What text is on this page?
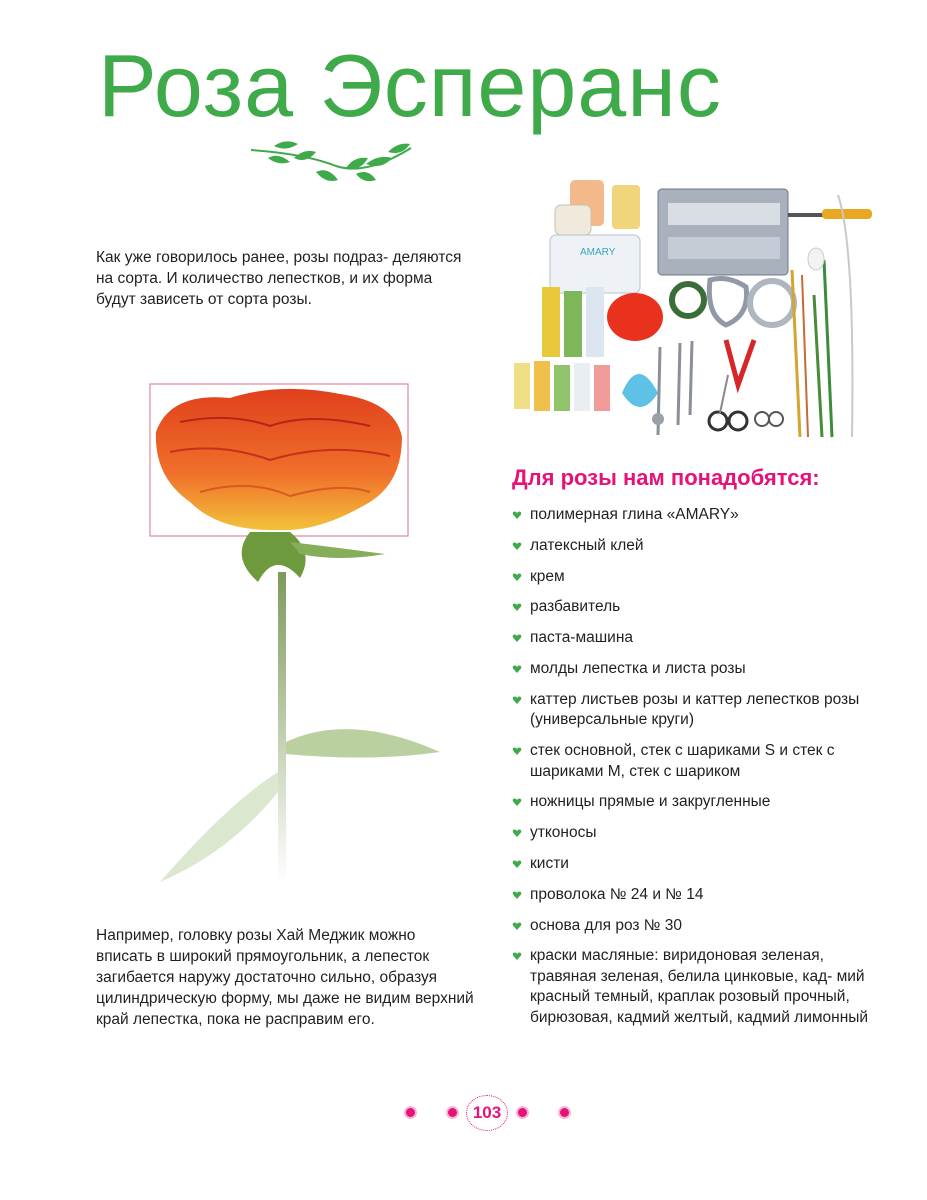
Роза Эсперанс

Как уже говорилось ранее, розы подраз- деляются на сорта. И количество лепестков, и их форма будут зависеть от сорта розы.

AMARY

Например, головку розы Хай Меджик можно вписать в широкий прямоугольник, а лепесток загибается наружу достаточно сильно, образуя цилиндрическую форму, мы даже не видим верхний край лепестка, пока не расправим его.

Для розы нам понадобятся:
полимерная глина «AMARY»
латексный клей
крем
разбавитель
паста-машина
молды лепестка и листа розы
каттер листьев розы и каттер лепестков розы (универсальные круги)
стек основной, стек с шариками S и стек с шариками M, стек с шариком
ножницы прямые и закругленные
утконосы
кисти
проволока № 24 и № 14
основа для роз № 30
краски масляные: виридоновая зеленая, травяная зеленая, белила цинковые, кад- мий красный темный, краплак розовый прочный, бирюзовая, кадмий желтый, кадмий лимонный
103
